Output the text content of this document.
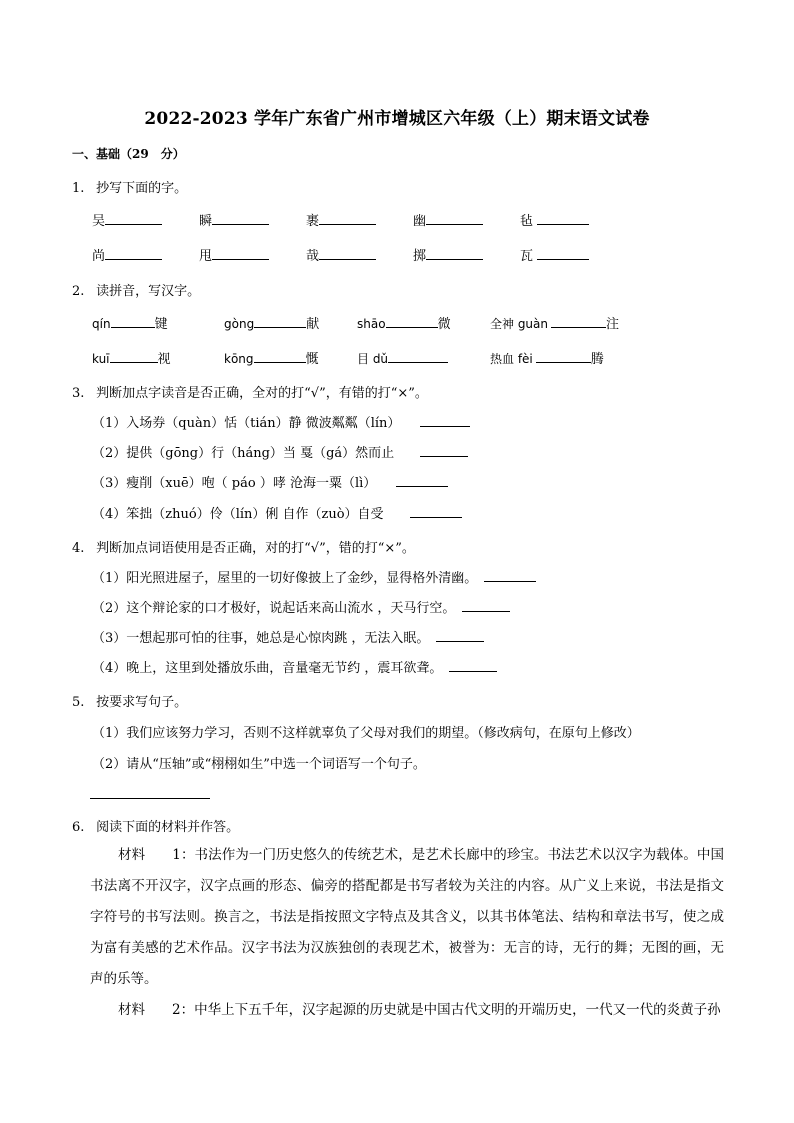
2022-2023 学年广东省广州市增城区六年级（上）期末语文试卷
一、基础（29　分）
1. 抄写下面的字。
吴	瞬	裹	幽	毡
尚	甩	哉	掷	瓦
2. 读拼音，写汉字。
qín	键	gòng	献	shāo	微	全神 guàn	注
kuī	视	kōng	慨	目 dǔ	热血 fèi	腾
3. 判断加点字读音是否正确，全对的打“√”，有错的打“×”。
（1）入场券（quàn）恬（tián）静 微波粼粼（lín）　　
（2）提供（gōng）行（háng）当 戛（gá）然而止　　
（3）瘦削（xuē）咆（ páo ）哮 沧海一粟（lì）　　
（4）笨拙（zhuó）伶（lín）俐 自作（zuò）自受　　
4. 判断加点词语使用是否正确，对的打“√”，错的打“×”。
（1）阳光照进屋子，屋里的一切好像披上了金纱，显得格外清幽。　
（2）这个辩论家的口才极好，说起话来高山流水 ，天马行空。　
（3）一想起那可怕的往事，她总是心惊肉跳 ，无法入眠。　
（4）晚上，这里到处播放乐曲，音量毫无节约 ，震耳欲聋。　
5. 按要求写句子。
（1）我们应该努力学习，否则不这样就辜负了父母对我们的期望。（修改病句，在原句上修改）
（2）请从“压轴”或“栩栩如生”中选一个词语写一个句子。
6. 阅读下面的材料并作答。
材料　　1：书法作为一门历史悠久的传统艺术，是艺术长廊中的珍宝。书法艺术以汉字为载体。中国书法离不开汉字，汉字点画的形态、偏旁的搭配都是书写者较为关注的内容。从广义上来说，书法是指文字符号的书写法则。换言之，书法是指按照文字特点及其含义，以其书体笔法、结构和章法书写，使之成为富有美感的艺术作品。汉字书法为汉族独创的表现艺术，被誉为：无言的诗，无行的舞；无图的画，无声的乐等。
材料　　2：中华上下五千年，汉字起源的历史就是中国古代文明的开端历史，一代又一代的炎黄子孙
